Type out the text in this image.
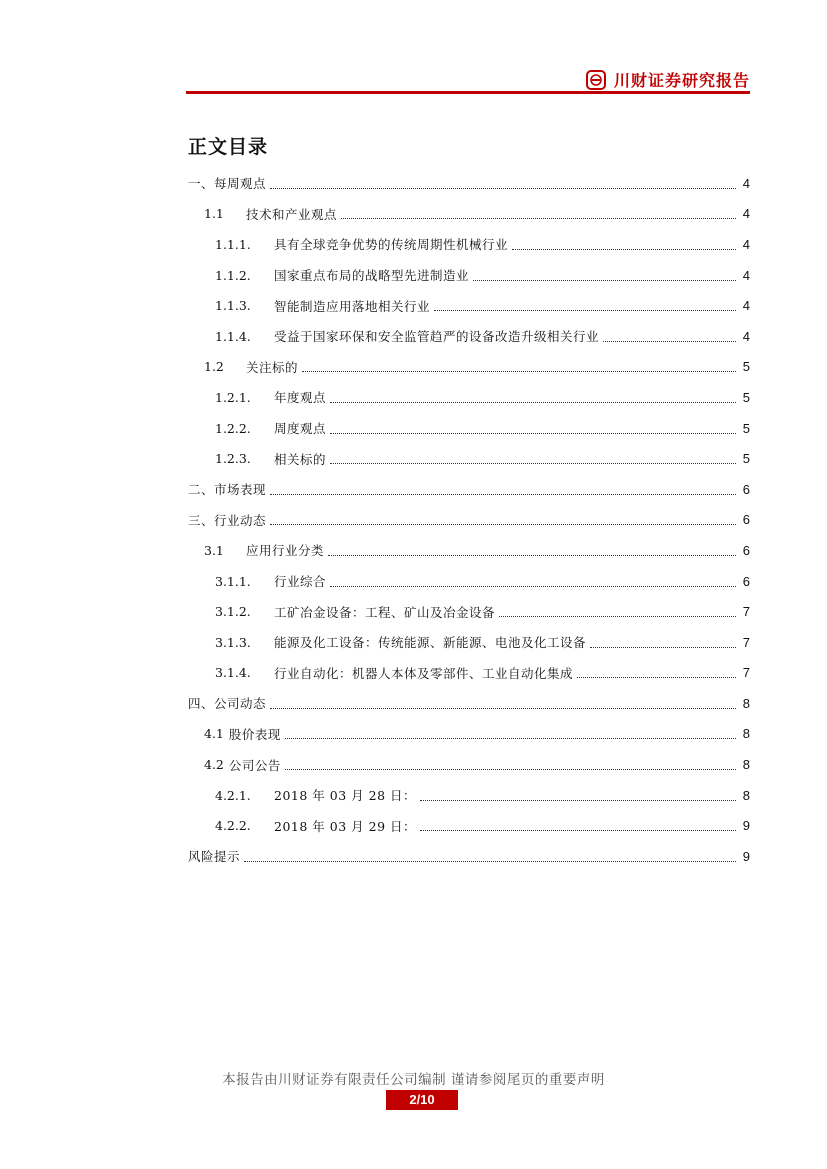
川财证券研究报告
正文目录
一、每周观点	4
1.1	技术和产业观点	4
1.1.1.	具有全球竞争优势的传统周期性机械行业	4
1.1.2.	国家重点布局的战略型先进制造业	4
1.1.3.	智能制造应用落地相关行业	4
1.1.4.	受益于国家环保和安全监管趋严的设备改造升级相关行业	4
1.2	关注标的	5
1.2.1.	年度观点	5
1.2.2.	周度观点	5
1.2.3.	相关标的	5
二、市场表现	6
三、行业动态	6
3.1	应用行业分类	6
3.1.1.	行业综合	6
3.1.2.	工矿冶金设备：工程、矿山及冶金设备	7
3.1.3.	能源及化工设备：传统能源、新能源、电池及化工设备	7
3.1.4.	行业自动化：机器人本体及零部件、工业自动化集成	7
四、公司动态	8
4.1 股价表现	8
4.2 公司公告	8
4.2.1.	2018 年 03 月 28 日：	8
4.2.2.	2018 年 03 月 29 日：	9
风险提示	9
本报告由川财证券有限责任公司编制 谨请参阅尾页的重要声明
2/10
